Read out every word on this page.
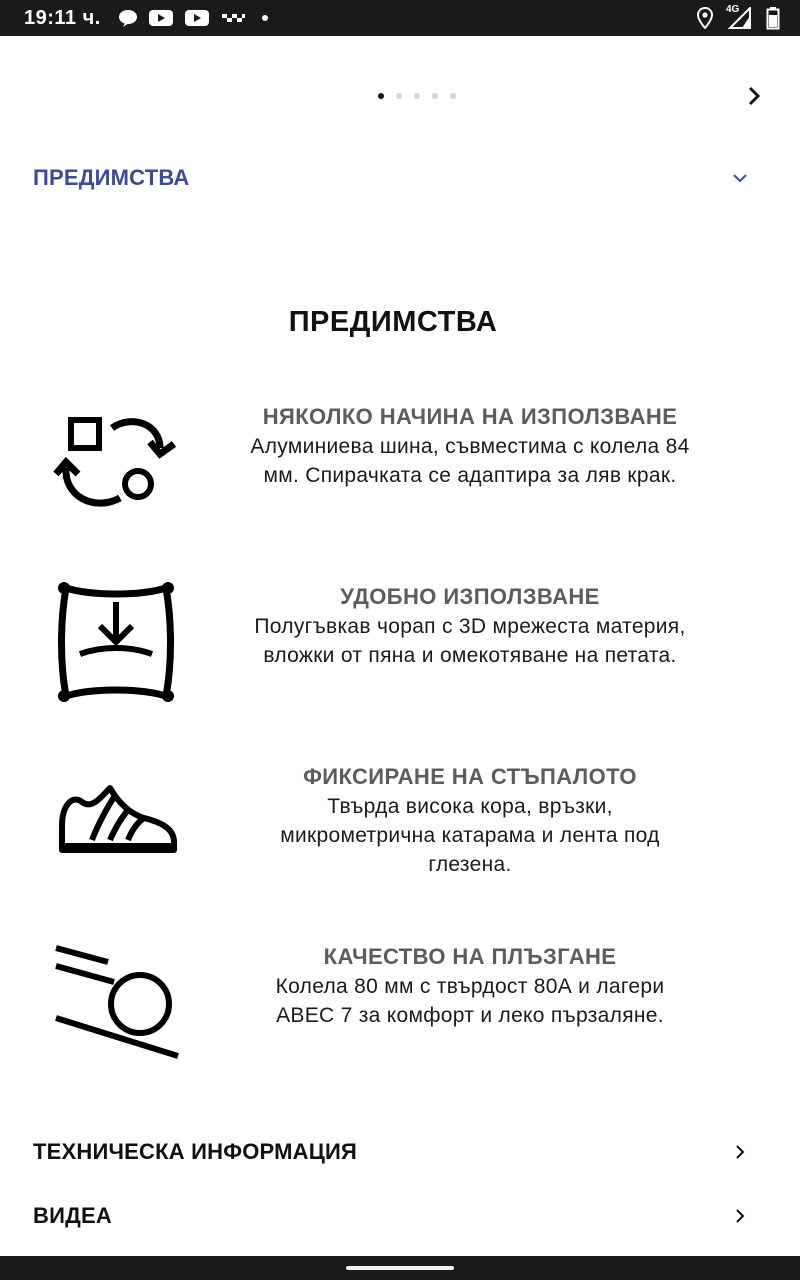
19:11 ч.	4G
ПРЕДИМСТВА
ПРЕДИМСТВА
НЯКОЛКО НАЧИНА НА ИЗПОЛЗВАНЕ
Алуминиева шина, съвместима с колела 84
мм. Спирачката се адаптира за ляв крак.
УДОБНО ИЗПОЛЗВАНЕ
Полугъвкав чорап с 3D мрежеста материя,
вложки от пяна и омекотяване на петата.
ФИКСИРАНЕ НА СТЪПАЛОТО
Твърда висока кора, връзки,
микрометрична катарама и лента под
глезена.
КАЧЕСТВО НА ПЛЪЗГАНЕ
Колела 80 мм с твърдост 80А и лагери
ABEC 7 за комфорт и леко пързаляне.
ТЕХНИЧЕСКА ИНФОРМАЦИЯ
ВИДЕА
